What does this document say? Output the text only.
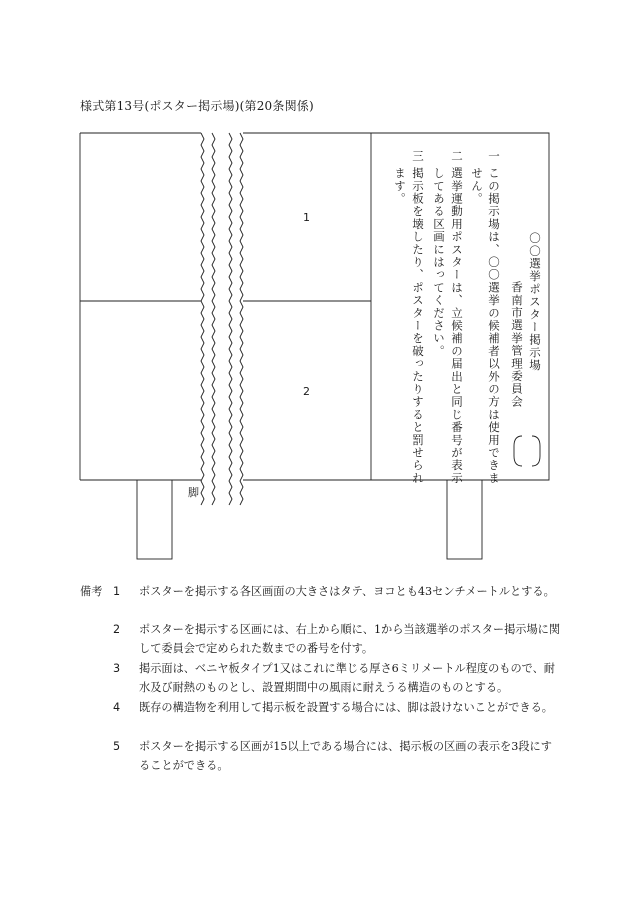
様式第13号(ポスター掲示場)(第20条関係)
1
2
〇〇選挙ポスター掲示場
香南市選挙管理委員会
一
この掲示場は、〇〇選挙の候補者以外の方は使用できま
せん。
二
選挙運動用ポスターは、立候補の届出と同じ番号が表示
してある区画にはってください。
三
掲示板を壊したり、ポスターを破ったりすると罰せられ
ます。
脚
備考 1	ポスターを掲示する各区画面の大きさはタテ、ヨコとも43センチメートルとする。
2	ポスターを掲示する区画には、右上から順に、1から当該選挙のポスター掲示場に関して委員会で定められた数までの番号を付す。
3	掲示面は、ベニヤ板タイプ1又はこれに準じる厚さ6ミリメートル程度のもので、耐水及び耐熱のものとし、設置期間中の風雨に耐えうる構造のものとする。
4	既存の構造物を利用して掲示板を設置する場合には、脚は設けないことができる。
5	ポスターを掲示する区画が15以上である場合には、掲示板の区画の表示を3段にすることができる。
